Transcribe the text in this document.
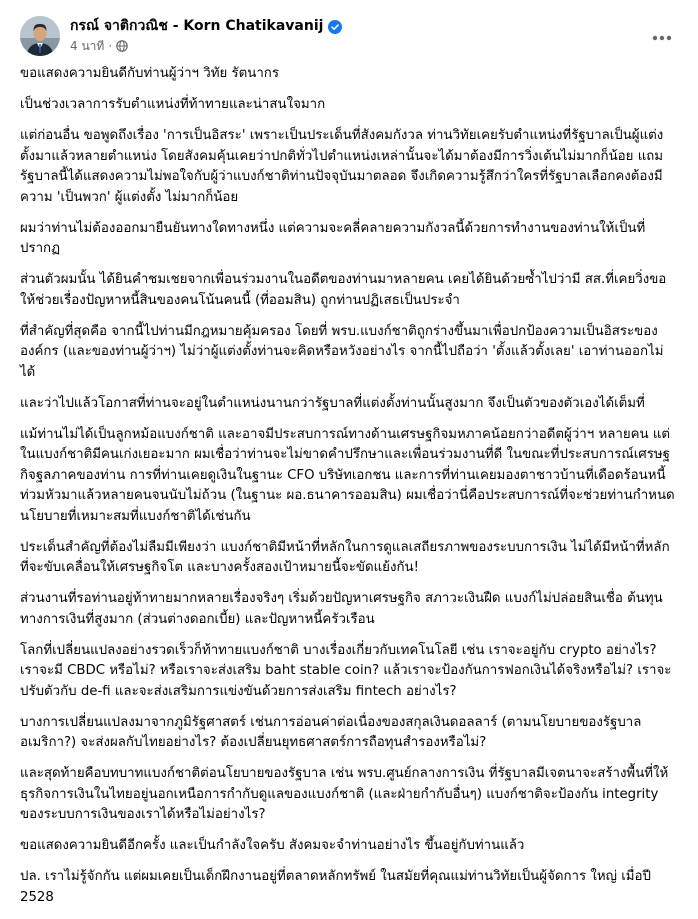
กรณ์ จาติกวณิช - Korn Chatikavanij
4 นาที ·

ขอแสดงความยินดีกับท่านผู้ว่าฯ วิทัย รัตนากร

เป็นช่วงเวลาการรับตำแหน่งที่ท้าทายและน่าสนใจมาก

แต่ก่อนอื่น ขอพูดถึงเรื่อง 'การเป็นอิสระ' เพราะเป็นประเด็นที่สังคมกังวล ท่านวิทัยเคยรับตำแหน่งที่รัฐบาลเป็นผู้แต่งตั้งมาแล้วหลายตำแหน่ง โดยสังคมคุ้นเคยว่าปกติทั่วไปตำแหน่งเหล่านั้นจะได้มาต้องมีการวิ่งเต้นไม่มากก็น้อย แถมรัฐบาลนี้ได้แสดงความไม่พอใจกับผู้ว่าแบงก์ชาติท่านปัจจุบันมาตลอด จึงเกิดความรู้สึกว่าใครที่รัฐบาลเลือกคงต้องมีความ 'เป็นพวก' ผู้แต่งตั้ง ไม่มากก็น้อย

ผมว่าท่านไม่ต้องออกมายืนยันทางใดทางหนึ่ง แต่ความจะคลี่คลายความกังวลนี้ด้วยการทำงานของท่านให้เป็นที่ปรากฏ

ส่วนตัวผมนั้น ได้ยินคำชมเชยจากเพื่อนร่วมงานในอดีตของท่านมาหลายคน เคยได้ยินด้วยซ้ำไปว่ามี สส.ที่เคยวิ่งขอให้ช่วยเรื่องปัญหาหนี้สินของคนโน้นคนนี้ (ที่ออมสิน) ถูกท่านปฏิเสธเป็นประจำ

ที่สำคัญที่สุดคือ จากนี้ไปท่านมีกฎหมายคุ้มครอง โดยที่ พรบ.แบงก์ชาติถูกร่างขึ้นมาเพื่อปกป้องความเป็นอิสระขององค์กร (และของท่านผู้ว่าฯ) ไม่ว่าผู้แต่งตั้งท่านจะคิดหรือหวังอย่างไร จากนี้ไปถือว่า 'ตั้งแล้วตั้งเลย' เอาท่านออกไม่ได้

และว่าไปแล้วโอกาสที่ท่านจะอยู่ในตำแหน่งนานกว่ารัฐบาลที่แต่งตั้งท่านนั้นสูงมาก จึงเป็นตัวของตัวเองได้เต็มที่

แม้ท่านไม่ได้เป็นลูกหม้อแบงก์ชาติ และอาจมีประสบการณ์ทางด้านเศรษฐกิจมหภาคน้อยกว่าอดีตผู้ว่าฯ หลายคน แต่ในแบงก์ชาติมีคนเก่งเยอะมาก ผมเชื่อว่าท่านจะไม่ขาดคำปรึกษาและเพื่อนร่วมงานที่ดี ในขณะที่ประสบการณ์เศรษฐกิจฐลภาคของท่าน การที่ท่านเคยดูเงินในฐานะ CFO บริษัทเอกชน และการที่ท่านเคยมองตาชาวบ้านที่เดือดร้อนหนี้ท่วมหัวมาแล้วหลายคนจนนับไม่ถ้วน (ในฐานะ ผอ.ธนาคารออมสิน) ผมเชื่อว่านี่คือประสบการณ์ที่จะช่วยท่านกำหนดนโยบายที่เหมาะสมที่แบงก์ชาติได้เช่นกัน

ประเด็นสำคัญที่ต้องไม่ลืมมีเพียงว่า แบงก์ชาติมีหน้าที่หลักในการดูแลเสถียรภาพของระบบการเงิน ไม่ได้มีหน้าที่หลักที่จะขับเคลื่อนให้เศรษฐกิจโต และบางครั้งสองเป้าหมายนี้จะขัดแย้งกัน!

ส่วนงานที่รอท่านอยู่ท้าทายมากหลายเรื่องจริงๆ เริ่มด้วยปัญหาเศรษฐกิจ สภาวะเงินฝืด แบงก์ไม่ปล่อยสินเชื่อ ต้นทุนทางการเงินที่สูงมาก (ส่วนต่างดอกเบี้ย) และปัญหาหนี้ครัวเรือน

โลกที่เปลี่ยนแปลงอย่างรวดเร็วก็ท้าทายแบงก์ชาติ บางเรื่องเกี่ยวกับเทคโนโลยี เช่น เราจะอยู่กับ crypto อย่างไร? เราจะมี CBDC หรือไม่? หรือเราจะส่งเสริม baht stable coin? แล้วเราจะป้องกันการฟอกเงินได้จริงหรือไม่? เราจะปรับตัวกับ de-fi และจะส่งเสริมการแข่งขันด้วยการส่งเสริม fintech อย่างไร?

บางการเปลี่ยนแปลงมาจากภูมิรัฐศาสตร์ เช่นการอ่อนค่าต่อเนื่องของสกุลเงินดอลลาร์ (ตามนโยบายของรัฐบาลอเมริกา?) จะส่งผลกับไทยอย่างไร? ต้องเปลี่ยนยุทธศาสตร์การถือทุนสำรองหรือไม่?

และสุดท้ายคือบทบาทแบงก์ชาติต่อนโยบายของรัฐบาล เช่น พรบ.ศูนย์กลางการเงิน ที่รัฐบาลมีเจตนาจะสร้างพื้นที่ให้ธุรกิจการเงินในไทยอยู่นอกเหนือการกำกับดูแลของแบงก์ชาติ (และฝ่ายกำกับอื่นๆ) แบงก์ชาติจะป้องกัน integrity ของระบบการเงินของเราได้หรือไม่อย่างไร?

ขอแสดงความยินดีอีกครั้ง และเป็นกำลังใจครับ สังคมจะจำท่านอย่างไร ขึ้นอยู่กับท่านแล้ว

ปล. เราไม่รู้จักกัน แต่ผมเคยเป็นเด็กฝึกงานอยู่ที่ตลาดหลักทรัพย์ ในสมัยที่คุณแม่ท่านวิทัยเป็นผู้จัดการ ใหญ่ เมื่อปี 2528
